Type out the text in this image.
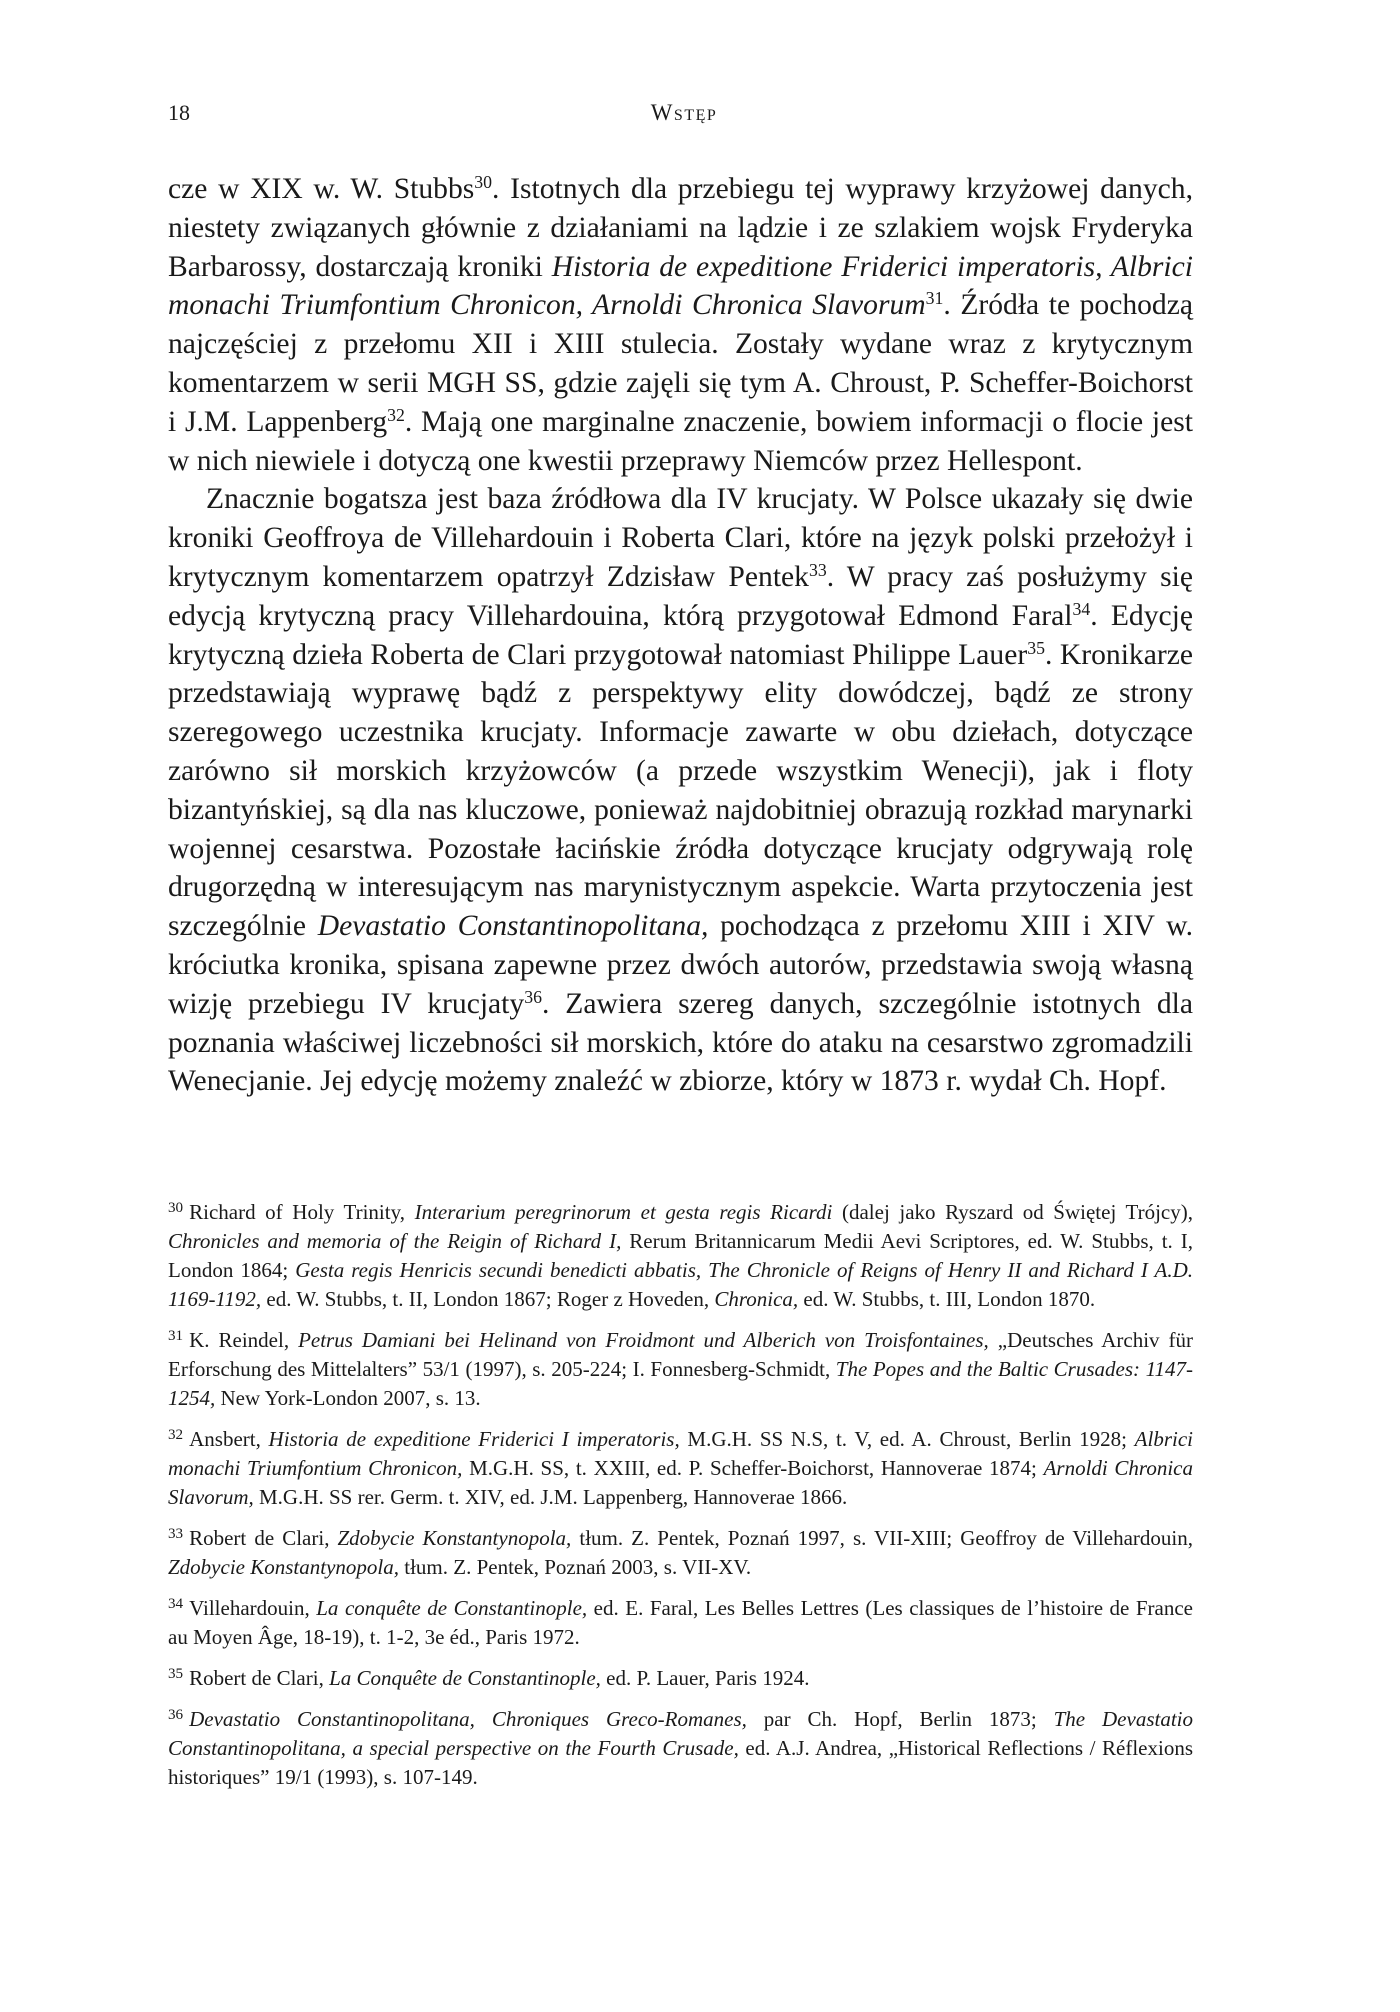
18	Wstęp

cze w XIX w. W. Stubbs$^{30}$. Istotnych dla przebiegu tej wyprawy krzyżowej danych, niestety związanych głównie z działaniami na lądzie i ze szlakiem wojsk Fryderyka Barbarossy, dostarczają kroniki Historia de expeditione Friderici imperatoris, Albrici monachi Triumfontium Chronicon, Arnoldi Chronica Slavorum$^{31}$. Źródła te pochodzą najczęściej z przełomu XII i XIII stulecia. Zostały wydane wraz z krytycznym komentarzem w serii MGH SS, gdzie zajęli się tym A. Chroust, P. Scheffer-Boichorst i J.M. Lappenberg$^{32}$. Mają one marginalne znaczenie, bowiem informacji o flocie jest w nich niewiele i dotyczą one kwestii przeprawy Niemców przez Hellespont.

Znacznie bogatsza jest baza źródłowa dla IV krucjaty. W Polsce ukazały się dwie kroniki Geoffroya de Villehardouin i Roberta Clari, które na język polski przełożył i krytycznym komentarzem opatrzył Zdzisław Pentek$^{33}$. W pracy zaś posłużymy się edycją krytyczną pracy Villehardouina, którą przygotował Edmond Faral$^{34}$. Edycję krytyczną dzieła Roberta de Clari przygotował natomiast Philippe Lauer$^{35}$. Kronikarze przedstawiają wyprawę bądź z perspektywy elity dowódczej, bądź ze strony szeregowego uczestnika krucjaty. Informacje zawarte w obu dziełach, dotyczące zarówno sił morskich krzyżowców (a przede wszystkim Wenecji), jak i floty bizantyńskiej, są dla nas kluczowe, ponieważ najdobitniej obrazują rozkład marynarki wojennej cesarstwa. Pozostałe łacińskie źródła dotyczące krucjaty odgrywają rolę drugorzędną w interesującym nas marynistycznym aspekcie. Warta przytoczenia jest szczególnie Devastatio Constantinopolitana, pochodząca z przełomu XIII i XIV w. króciutka kronika, spisana zapewne przez dwóch autorów, przedstawia swoją własną wizję przebiegu IV krucjaty$^{36}$. Zawiera szereg danych, szczególnie istotnych dla poznania właściwej liczebności sił morskich, które do ataku na cesarstwo zgromadzili Wenecjanie. Jej edycję możemy znaleźć w zbiorze, który w 1873 r. wydał Ch. Hopf.

$^{30}$ Richard of Holy Trinity, Interarium peregrinorum et gesta regis Ricardi (dalej jako Ryszard od Świętej Trójcy), Chronicles and memoria of the Reigin of Richard I, Rerum Britannicarum Medii Aevi Scriptores, ed. W. Stubbs, t. I, London 1864; Gesta regis Henricis secundi benedicti abbatis, The Chronicle of Reigns of Henry II and Richard I A.D. 1169-1192, ed. W. Stubbs, t. II, London 1867; Roger z Hoveden, Chronica, ed. W. Stubbs, t. III, London 1870.

$^{31}$ K. Reindel, Petrus Damiani bei Helinand von Froidmont und Alberich von Troisfontaines, „Deutsches Archiv für Erforschung des Mittelalters” 53/1 (1997), s. 205-224; I. Fonnesberg-Schmidt, The Popes and the Baltic Crusades: 1147-1254, New York-London 2007, s. 13.

$^{32}$ Ansbert, Historia de expeditione Friderici I imperatoris, M.G.H. SS N.S, t. V, ed. A. Chroust, Berlin 1928; Albrici monachi Triumfontium Chronicon, M.G.H. SS, t. XXIII, ed. P. Scheffer-Boichorst, Hannoverae 1874; Arnoldi Chronica Slavorum, M.G.H. SS rer. Germ. t. XIV, ed. J.M. Lappenberg, Hannoverae 1866.

$^{33}$ Robert de Clari, Zdobycie Konstantynopola, tłum. Z. Pentek, Poznań 1997, s. VII-XIII; Geoffroy de Villehardouin, Zdobycie Konstantynopola, tłum. Z. Pentek, Poznań 2003, s. VII-XV.

$^{34}$ Villehardouin, La conquête de Constantinople, ed. E. Faral, Les Belles Lettres (Les classiques de l’histoire de France au Moyen Âge, 18-19), t. 1-2, 3e éd., Paris 1972.

$^{35}$ Robert de Clari, La Conquête de Constantinople, ed. P. Lauer, Paris 1924.

$^{36}$ Devastatio Constantinopolitana, Chroniques Greco-Romanes, par Ch. Hopf, Berlin 1873; The Devastatio Constantinopolitana, a special perspective on the Fourth Crusade, ed. A.J. Andrea, „Historical Reflections / Réflexions historiques” 19/1 (1993), s. 107-149.
